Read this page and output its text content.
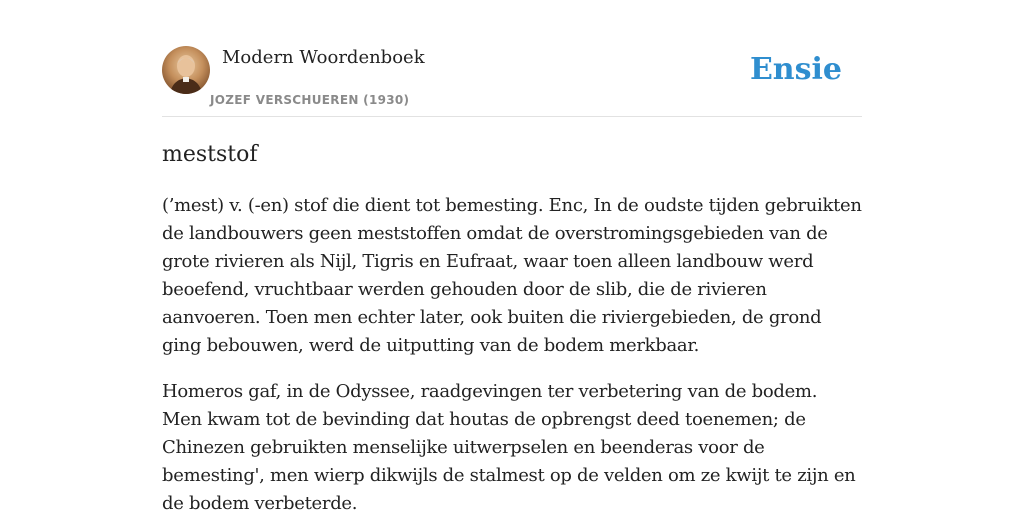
Modern Woordenboek
JOZEF VERSCHUEREN (1930)
Ensie
meststof

(’mest) v. (-en) stof die dient tot bemesting. Enc, In de oudste tijden gebruikten de landbouwers geen meststoffen omdat de overstromingsgebieden van de grote rivieren als Nijl, Tigris en Eufraat, waar toen alleen landbouw werd beoefend, vruchtbaar werden gehouden door de slib, die de rivieren aanvoeren. Toen men echter later, ook buiten die riviergebieden, de grond ging bebouwen, werd de uitputting van de bodem merkbaar.

Homeros gaf, in de Odyssee, raadgevingen ter verbetering van de bodem. Men kwam tot de bevinding dat houtas de opbrengst deed toenemen; de Chinezen gebruikten menselijke uitwerpselen en beenderas voor de bemesting', men wierp dikwijls de stalmest op de velden om ze kwijt te zijn en de bodem verbeterde.
